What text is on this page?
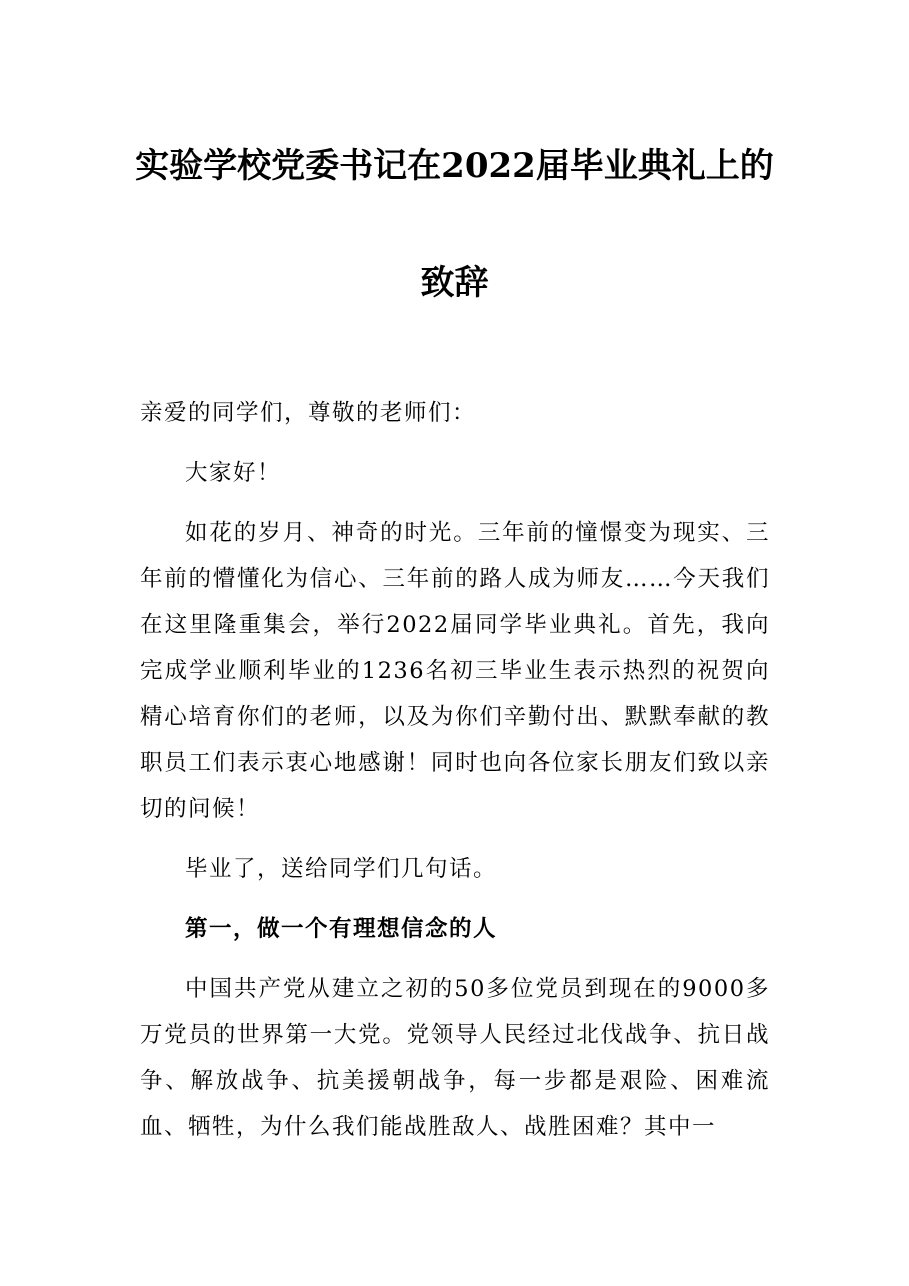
实验学校党委书记在2022届毕业典礼上的
致辞

亲爱的同学们，尊敬的老师们：

大家好！

如花的岁月、神奇的时光。三年前的憧憬变为现实、三年前的懵懂化为信心、三年前的路人成为师友……今天我们在这里隆重集会，举行2022届同学毕业典礼。首先，我向完成学业顺利毕业的1236名初三毕业生表示热烈的祝贺向精心培育你们的老师，以及为你们辛勤付出、默默奉献的教职员工们表示衷心地感谢！同时也向各位家长朋友们致以亲切的问候！

毕业了，送给同学们几句话。

第一，做一个有理想信念的人

中国共产党从建立之初的50多位党员到现在的9000多万党员的世界第一大党。党领导人民经过北伐战争、抗日战争、解放战争、抗美援朝战争，每一步都是艰险、困难流血、牺牲，为什么我们能战胜敌人、战胜困难？其中一
